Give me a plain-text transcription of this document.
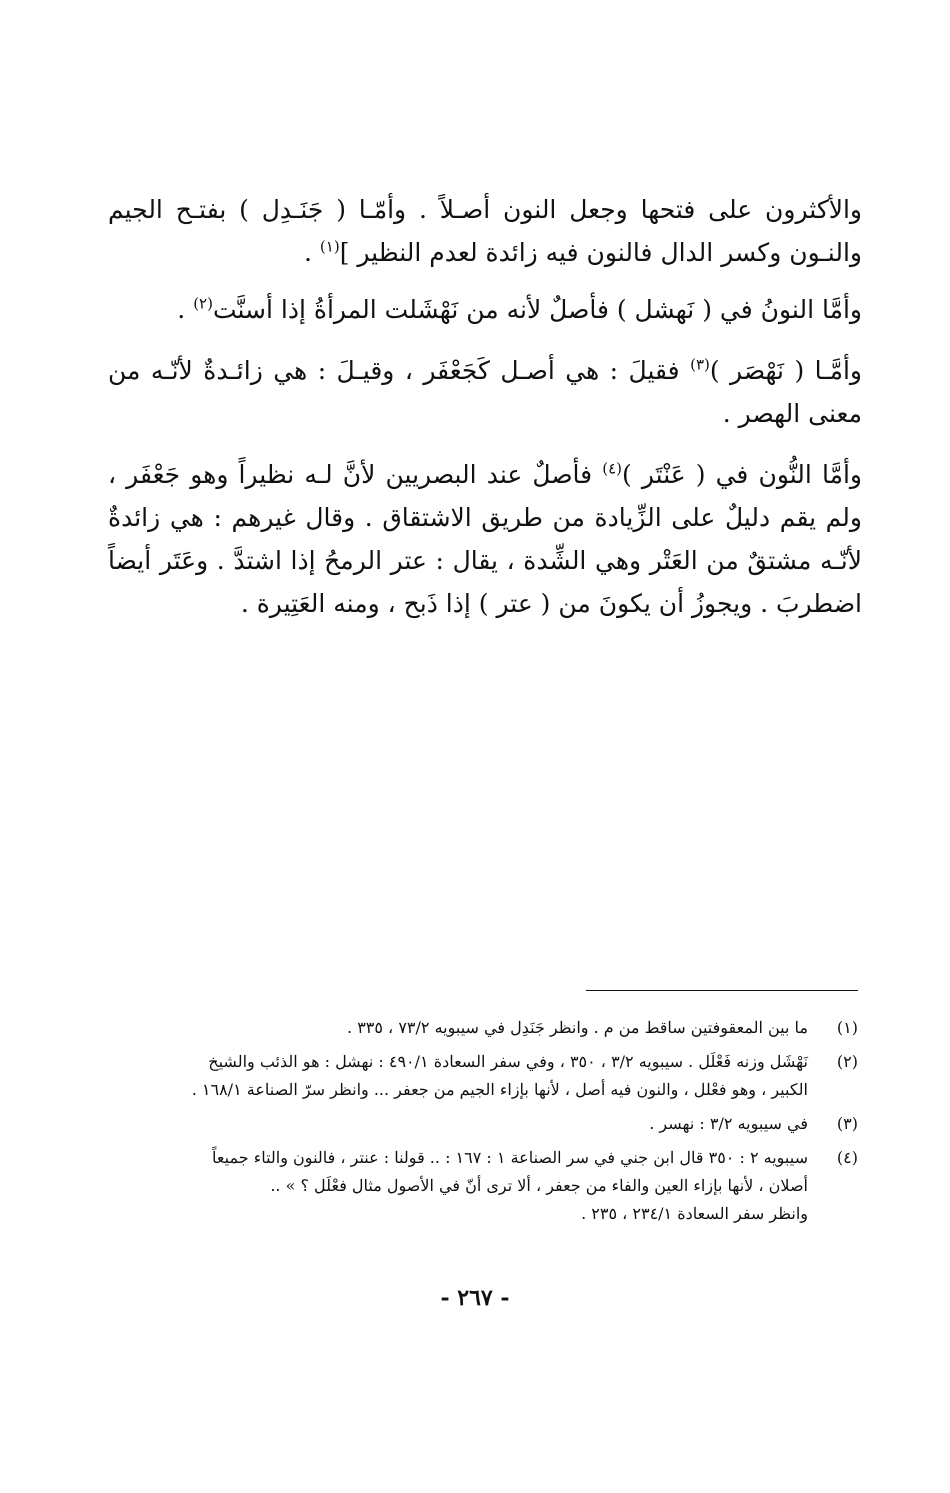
والأكثرون على فتحها وجعل النون أصـلاً . وأمّـا ( جَنَـدِل ) بفتـح الجيم والنـون وكسر الدال فالنون فيه زائدة لعدم النظير ]$^{(١)}$ .

وأمَّا النونُ في ( نَهشل ) فأصلٌ لأنه من نَهْشَلت المرأةُ إذا أسنَّت$^{(٢)}$ .

وأمَّـا ( نَهْصَر )$^{(٣)}$ فقيلَ : هي أصـل كَجَعْفَر ، وقيـلَ : هي زائـدةٌ لأنّـه من معنى الهصر .

وأمَّا النُّون في ( عَنْتَر )$^{(٤)}$ فأصلٌ عند البصريين لأنَّ لـه نظيراً وهو جَعْفَر ، ولم يقم دليلٌ على الزِّيادة من طريق الاشتقاق . وقال غيرهم : هي زائدةٌ لأنّـه مشتقٌ من العَتْر وهي الشِّدة ، يقال : عتر الرمحُ إذا اشتدَّ . وعَتَر أيضاً اضطربَ . ويجوزُ أن يكونَ من ( عتر ) إذا ذَبح ، ومنه العَتِيرة .

(١)
ما بين المعقوفتين ساقط من م . وانظر جَنَدِل في سيبويه ٧٣/٢ ، ٣٣٥ .
(٢)
نَهْشَل وزنه فَعْلَل . سيبويه ٣/٢ ، ٣٥٠ ، وفي سفر السعادة ٤٩٠/١ : نهشل : هو الذئب والشيخ
الكبير ، وهو فعْلل ، والنون فيه أصل ، لأنها بإزاء الجيم من جعفر ... وانظر سرّ الصناعة ١٦٨/١ .
(٣)
في سيبويه ٣/٢ : نهسر .
(٤)
سيبويه ٢ : ٣٥٠ قال ابن جني في سر الصناعة ١ : ١٦٧ : .. قولنا : عنتر ، فالنون والتاء جميعاً
أصلان ، لأنها بإزاء العين والفاء من جعفر ، ألا ترى أنّ في الأصول مثال فعْلَل ؟ » ..
وانظر سفر السعادة ٢٣٤/١ ، ٢٣٥ .
- ٢٦٧ -
